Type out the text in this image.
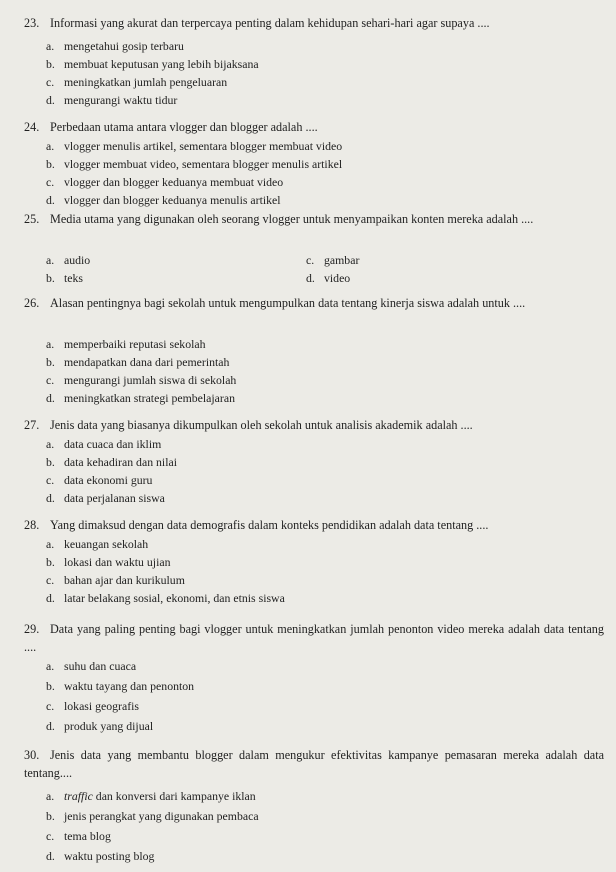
23. Informasi yang akurat dan terpercaya penting dalam kehidupan sehari-hari agar supaya ....
a. mengetahui gosip terbaru
b. membuat keputusan yang lebih bijaksana
c. meningkatkan jumlah pengeluaran
d. mengurangi waktu tidur
24. Perbedaan utama antara vlogger dan blogger adalah ....
a. vlogger menulis artikel, sementara blogger membuat video
b. vlogger membuat video, sementara blogger menulis artikel
c. vlogger dan blogger keduanya membuat video
d. vlogger dan blogger keduanya menulis artikel
25. Media utama yang digunakan oleh seorang vlogger untuk menyampaikan konten mereka adalah ....
a. audio
b. teks
c. gambar
d. video
26. Alasan pentingnya bagi sekolah untuk mengumpulkan data tentang kinerja siswa adalah untuk ....
a. memperbaiki reputasi sekolah
b. mendapatkan dana dari pemerintah
c. mengurangi jumlah siswa di sekolah
d. meningkatkan strategi pembelajaran
27. Jenis data yang biasanya dikumpulkan oleh sekolah untuk analisis akademik adalah ....
a. data cuaca dan iklim
b. data kehadiran dan nilai
c. data ekonomi guru
d. data perjalanan siswa
28. Yang dimaksud dengan data demografis dalam konteks pendidikan adalah data tentang ....
a. keuangan sekolah
b. lokasi dan waktu ujian
c. bahan ajar dan kurikulum
d. latar belakang sosial, ekonomi, dan etnis siswa
29. Data yang paling penting bagi vlogger untuk meningkatkan jumlah penonton video mereka adalah data tentang ....
a. suhu dan cuaca
b. waktu tayang dan penonton
c. lokasi geografis
d. produk yang dijual
30. Jenis data yang membantu blogger dalam mengukur efektivitas kampanye pemasaran mereka adalah data tentang....
a. traffic dan konversi dari kampanye iklan
b. jenis perangkat yang digunakan pembaca
c. tema blog
d. waktu posting blog
